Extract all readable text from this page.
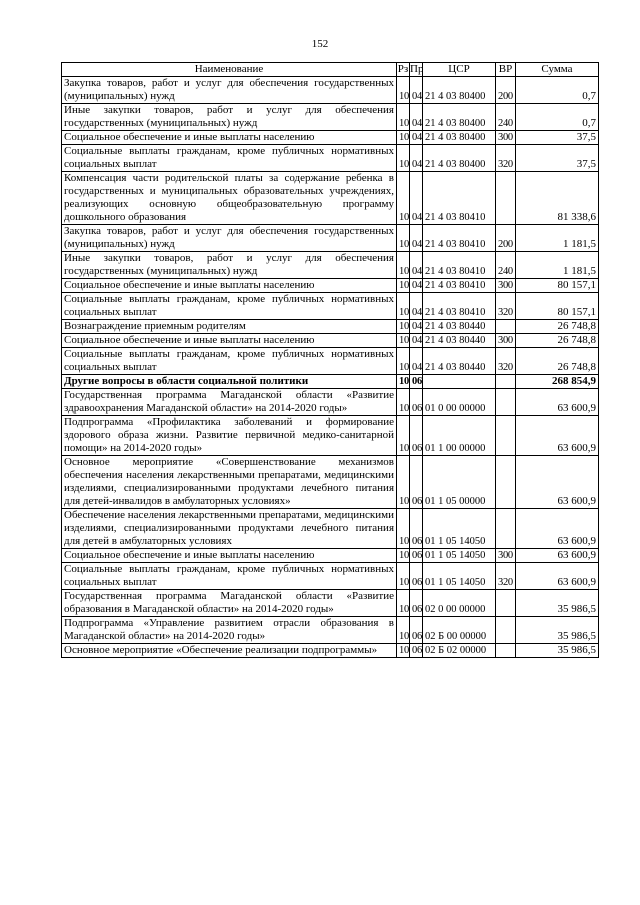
152
Наименование	Рз	Пр	ЦСР	ВР	Сумма
Закупка товаров, работ и услуг для обеспечения государственных (муниципальных) нужд	10	04	21 4 03 80400	200	0,7
Иные закупки товаров, работ и услуг для обеспечения государственных (муниципальных) нужд	10	04	21 4 03 80400	240	0,7
Социальное обеспечение и иные выплаты населению	10	04	21 4 03 80400	300	37,5
Социальные выплаты гражданам, кроме публичных нормативных социальных выплат	10	04	21 4 03 80400	320	37,5
Компенсация части родительской платы за содержание ребенка в государственных и муниципальных образовательных учреждениях, реализующих основную общеобразовательную программу дошкольного образования	10	04	21 4 03 80410		81 338,6
Закупка товаров, работ и услуг для обеспечения государственных (муниципальных) нужд	10	04	21 4 03 80410	200	1 181,5
Иные закупки товаров, работ и услуг для обеспечения государственных (муниципальных) нужд	10	04	21 4 03 80410	240	1 181,5
Социальное обеспечение и иные выплаты населению	10	04	21 4 03 80410	300	80 157,1
Социальные выплаты гражданам, кроме публичных нормативных социальных выплат	10	04	21 4 03 80410	320	80 157,1
Вознаграждение приемным родителям	10	04	21 4 03 80440		26 748,8
Социальное обеспечение и иные выплаты населению	10	04	21 4 03 80440	300	26 748,8
Социальные выплаты гражданам, кроме публичных нормативных социальных выплат	10	04	21 4 03 80440	320	26 748,8
Другие вопросы в области социальной политики	10	06			268 854,9
Государственная программа Магаданской области «Развитие здравоохранения Магаданской области» на 2014-2020 годы»	10	06	01 0 00 00000		63 600,9
Подпрограмма «Профилактика заболеваний и формирование здорового образа жизни. Развитие первичной медико-санитарной помощи» на 2014-2020 годы»	10	06	01 1 00 00000		63 600,9
Основное мероприятие «Совершенствование механизмов обеспечения населения лекарственными препаратами, медицинскими изделиями, специализированными продуктами лечебного питания для детей-инвалидов в амбулаторных условиях»	10	06	01 1 05 00000		63 600,9
Обеспечение населения лекарственными препаратами, медицинскими изделиями, специализированными продуктами лечебного питания для детей в амбулаторных условиях	10	06	01 1 05 14050		63 600,9
Социальное обеспечение и иные выплаты населению	10	06	01 1 05 14050	300	63 600,9
Социальные выплаты гражданам, кроме публичных нормативных социальных выплат	10	06	01 1 05 14050	320	63 600,9
Государственная программа Магаданской области «Развитие образования в Магаданской области» на 2014-2020 годы»	10	06	02 0 00 00000		35 986,5
Подпрограмма «Управление развитием отрасли образования в Магаданской области» на 2014-2020 годы»	10	06	02 Б 00 00000		35 986,5
Основное мероприятие «Обеспечение реализации подпрограммы»	10	06	02 Б 02 00000		35 986,5
